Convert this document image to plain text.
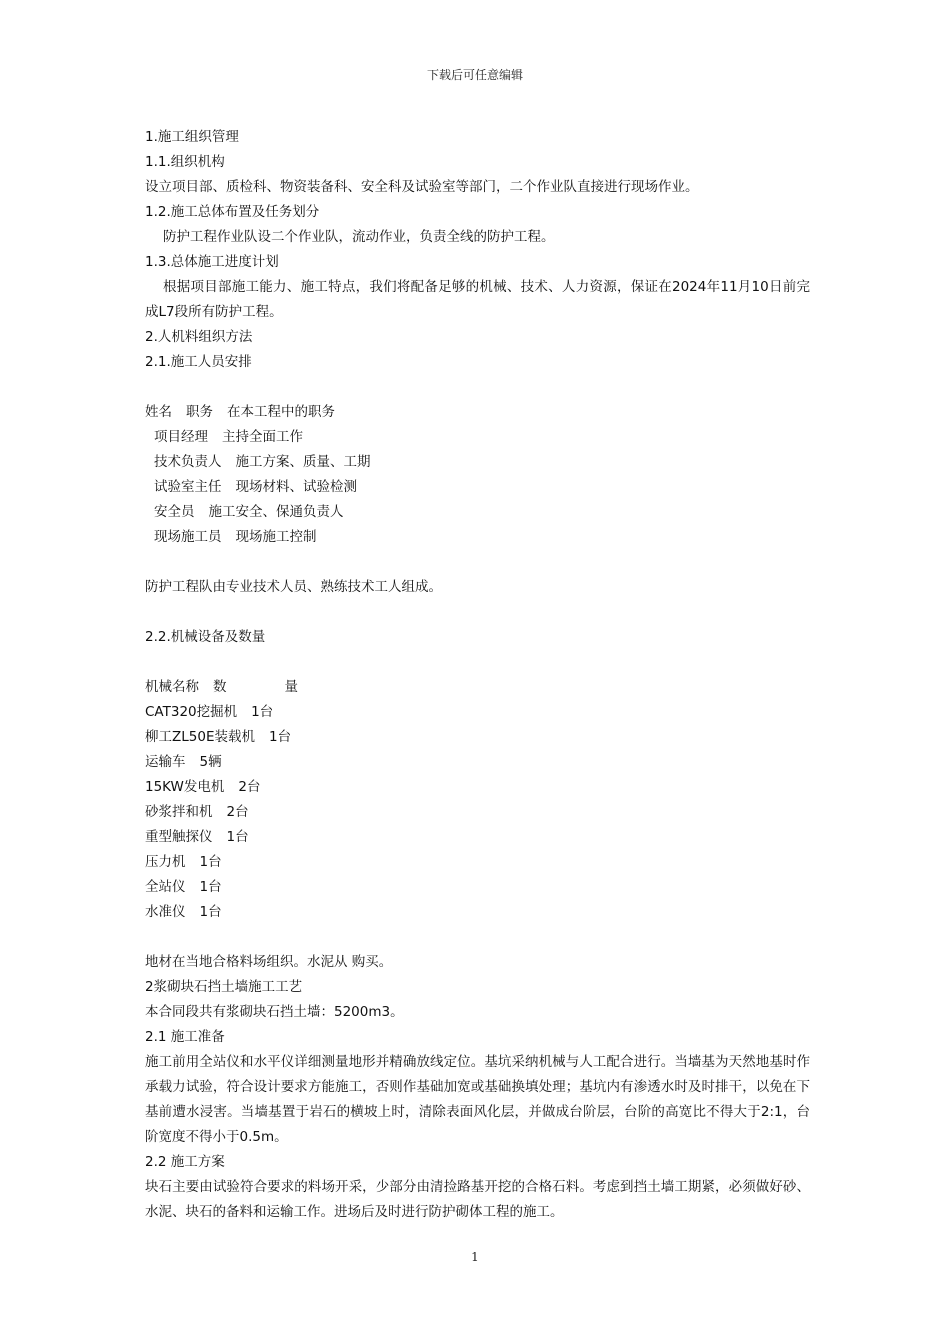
下载后可任意编辑
1.施工组织管理
1.1.组织机构
设立项目部、质检科、物资装备科、安全科及试验室等部门，二个作业队直接进行现场作业。
1.2.施工总体布置及任务划分
防护工程作业队设二个作业队，流动作业，负责全线的防护工程。
1.3.总体施工进度计划
根据项目部施工能力、施工特点，我们将配备足够的机械、技术、人力资源，保证在2024年11月10日前完成L7段所有防护工程。
2.人机料组织方法
2.1.施工人员安排
姓名 职务 在本工程中的职务
项目经理 主持全面工作
技术负责人 施工方案、质量、工期
试验室主任 现场材料、试验检测
安全员 施工安全、保通负责人
现场施工员 现场施工控制
防护工程队由专业技术人员、熟练技术工人组成。
2.2.机械设备及数量
机械名称 数	量
CAT320挖掘机 1台
柳工ZL50E装载机 1台
运输车 5辆
15KW发电机 2台
砂浆拌和机 2台
重型触探仪 1台
压力机 1台
全站仪 1台
水准仪 1台
地材在当地合格料场组织。水泥从 购买。
2浆砌块石挡土墙施工工艺
本合同段共有浆砌块石挡土墙：5200m3。
2.1 施工准备
施工前用全站仪和水平仪详细测量地形并精确放线定位。基坑采纳机械与人工配合进行。当墙基为天然地基时作承载力试验，符合设计要求方能施工，否则作基础加宽或基础换填处理；基坑内有渗透水时及时排干，以免在下基前遭水浸害。当墙基置于岩石的横坡上时，清除表面风化层，并做成台阶层，台阶的高宽比不得大于2:1，台阶宽度不得小于0.5m。
2.2 施工方案
块石主要由试验符合要求的料场开采，少部分由清捡路基开挖的合格石料。考虑到挡土墙工期紧，必须做好砂、水泥、块石的备料和运输工作。进场后及时进行防护砌体工程的施工。
1
